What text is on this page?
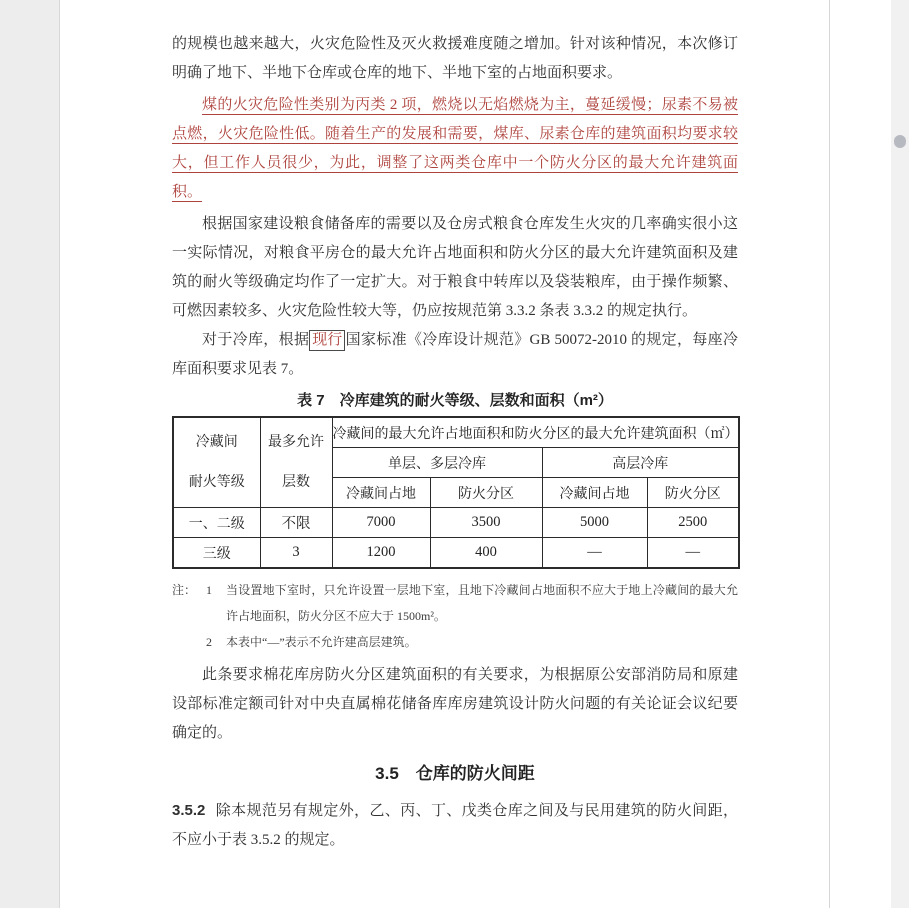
的规模也越来越大，火灾危险性及灭火救援难度随之增加。针对该种情况，本次修订明确了地下、半地下仓库或仓库的地下、半地下室的占地面积要求。

煤的火灾危险性类别为丙类 2 项，燃烧以无焰燃烧为主，蔓延缓慢；尿素不易被点燃，火灾危险性低。随着生产的发展和需要，煤库、尿素仓库的建筑面积均要求较大，但工作人员很少，为此，调整了这两类仓库中一个防火分区的最大允许建筑面积。

根据国家建设粮食储备库的需要以及仓房式粮食仓库发生火灾的几率确实很小这一实际情况，对粮食平房仓的最大允许占地面积和防火分区的最大允许建筑面积及建筑的耐火等级确定均作了一定扩大。对于粮食中转库以及袋装粮库，由于操作频繁、可燃因素较多、火灾危险性较大等，仍应按规范第 3.3.2 条表 3.3.2 的规定执行。

对于冷库，根据 现行 国家标准《冷库设计规范》GB 50072-2010 的规定，每座冷库面积要求见表 7。

表 7　冷库建筑的耐火等级、层数和面积（m²）
冷藏间
耐火等级

最多允许
层数
	冷藏间的最大允许占地面积和防火分区的最大允许建筑面积（㎡）
		单层、多层冷库		高层冷库	
		冷藏间占地	防火分区	冷藏间占地	防火分区
一、二级	不限	7000	3500	5000	2500
三级	3	1200	400	—	—
注： 1	当设置地下室时，只允许设置一层地下室，且地下冷藏间占地面积不应大于地上冷藏间的最大允许占地面积，防火分区不应大于 1500m²。
2	本表中“—”表示不允许建高层建筑。

此条要求棉花库房防火分区建筑面积的有关要求，为根据原公安部消防局和原建设部标准定额司针对中央直属棉花储备库库房建筑设计防火问题的有关论证会议纪要确定的。

3.5　仓库的防火间距

3.5.2 除本规范另有规定外，乙、丙、丁、戊类仓库之间及与民用建筑的防火间距，不应小于表 3.5.2 的规定。
